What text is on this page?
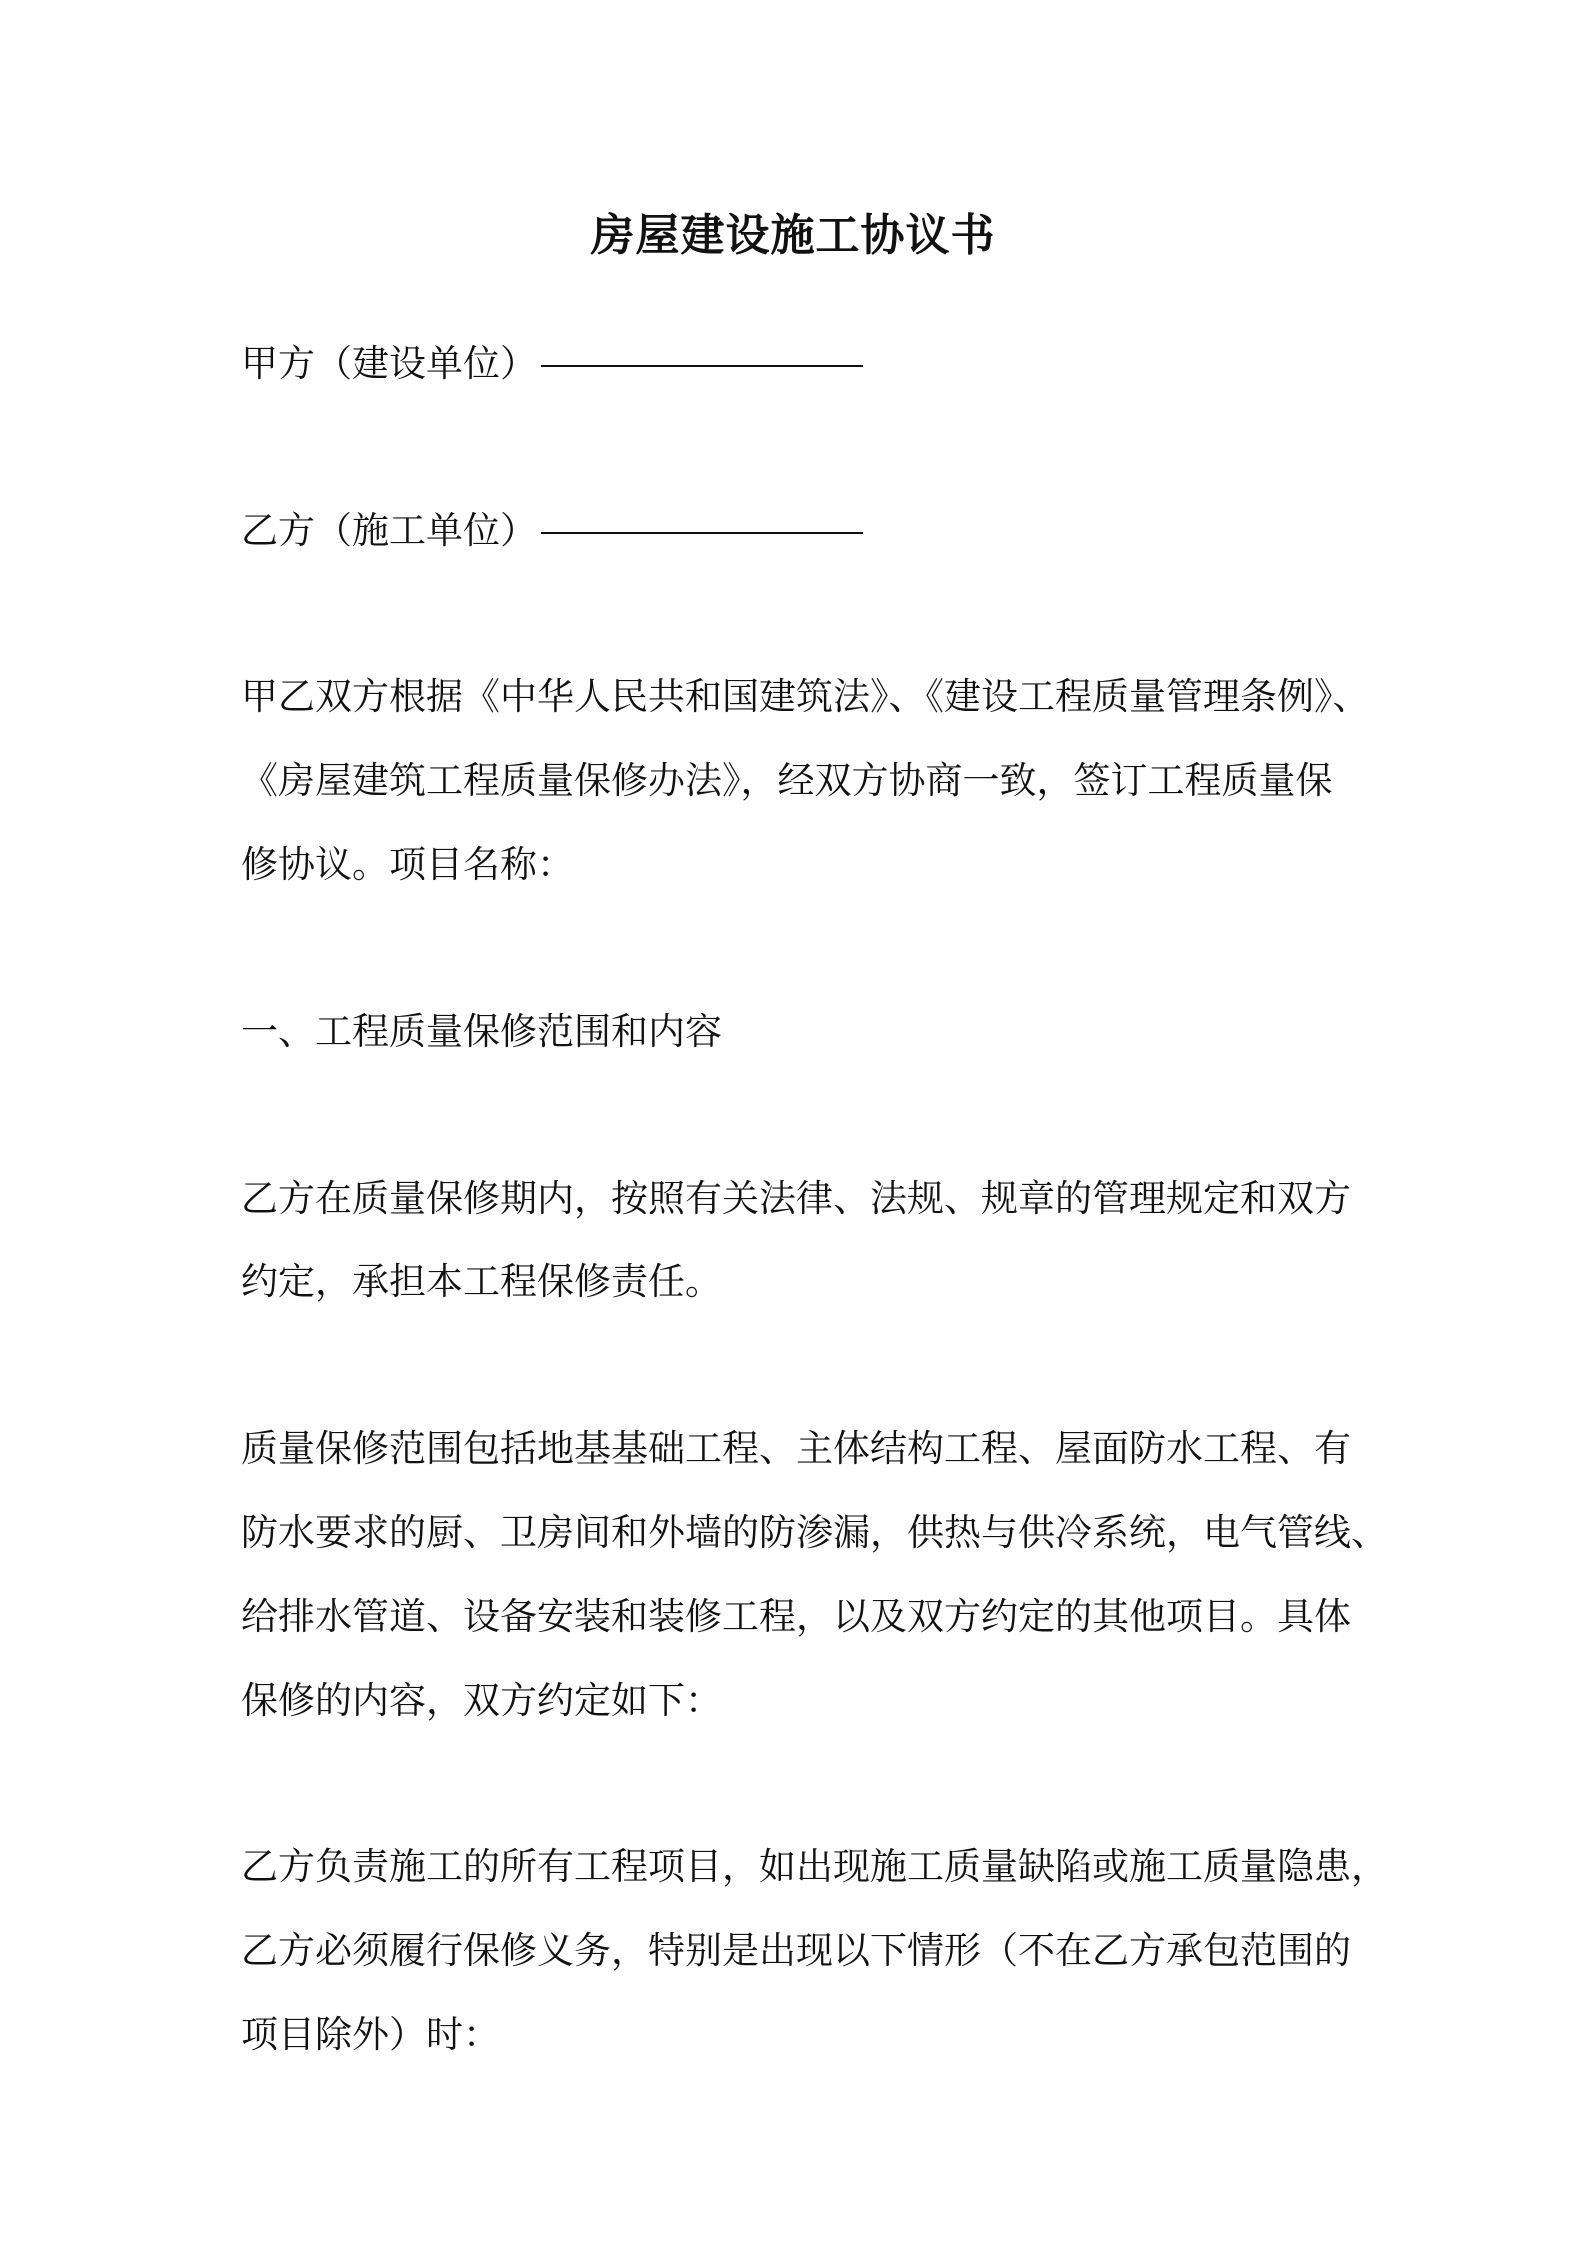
房屋建设施工协议书
甲方（建设单位）
乙方（施工单位）

甲乙双方根据《中华人民共和国建筑法》、《建设工程质量管理条例》、

《房屋建筑工程质量保修办法》，经双方协商一致，签订工程质量保

修协议。项目名称：

一、工程质量保修范围和内容

乙方在质量保修期内，按照有关法律、法规、规章的管理规定和双方

约定，承担本工程保修责任。

质量保修范围包括地基基础工程、主体结构工程、屋面防水工程、有

防水要求的厨、卫房间和外墙的防渗漏，供热与供冷系统，电气管线、

给排水管道、设备安装和装修工程，以及双方约定的其他项目。具体

保修的内容，双方约定如下：

乙方负责施工的所有工程项目，如出现施工质量缺陷或施工质量隐患，

乙方必须履行保修义务，特别是出现以下情形（不在乙方承包范围的

项目除外）时：
